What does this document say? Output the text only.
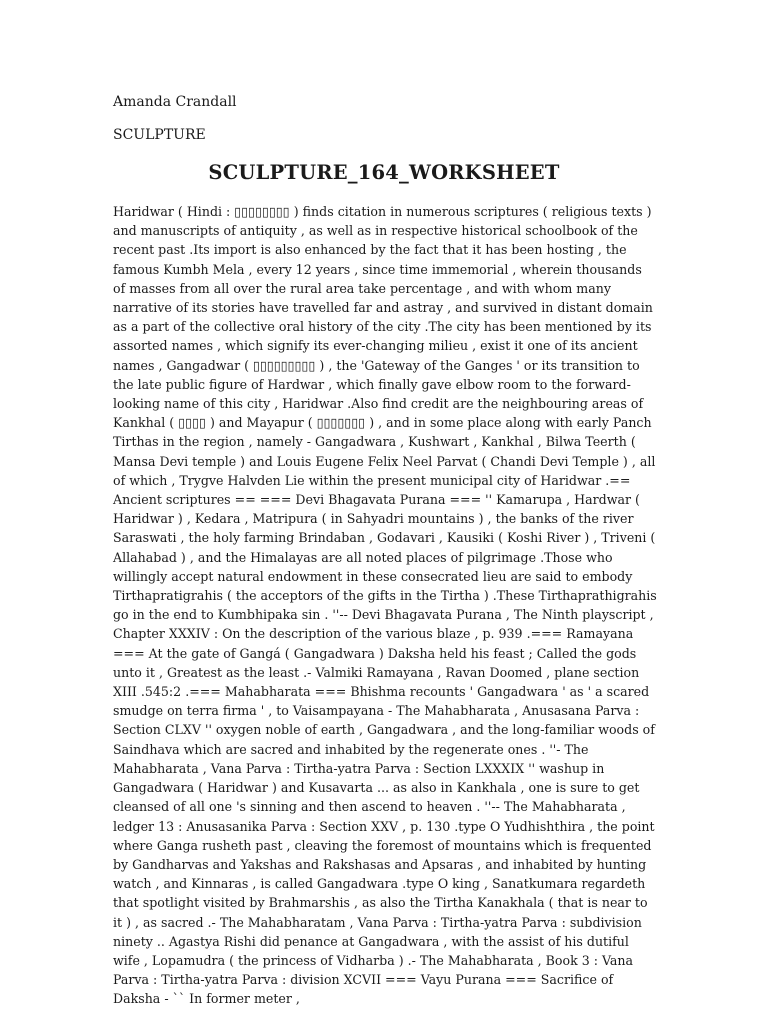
Amanda Crandall
SCULPTURE
SCULPTURE_164_WORKSHEET
Haridwar ( Hindi : ▯▯▯▯▯▯▯▯ ) finds citation in numerous scriptures ( religious texts ) and manuscripts of antiquity , as well as in respective historical schoolbook of the recent past .Its import is also enhanced by the fact that it has been hosting , the famous Kumbh Mela , every 12 years , since time immemorial , wherein thousands of masses from all over the rural area take percentage , and with whom many narrative of its stories have travelled far and astray , and survived in distant domain as a part of the collective oral history of the city .The city has been mentioned by its assorted names , which signify its ever-changing milieu , exist it one of its ancient names , Gangadwar ( ▯▯▯▯▯▯▯▯▯ ) , the 'Gateway of the Ganges ' or its transition to the late public figure of Hardwar , which finally gave elbow room to the forward-looking name of this city , Haridwar .Also find credit are the neighbouring areas of Kankhal ( ▯▯▯▯ ) and Mayapur ( ▯▯▯▯▯▯▯ ) , and in some place along with early Panch Tirthas in the region , namely - Gangadwara , Kushwart , Kankhal , Bilwa Teerth ( Mansa Devi temple ) and Louis Eugene Felix Neel Parvat ( Chandi Devi Temple ) , all of which , Trygve Halvden Lie within the present municipal city of Haridwar .== Ancient scriptures == === Devi Bhagavata Purana === '' Kamarupa , Hardwar ( Haridwar ) , Kedara , Matripura ( in Sahyadri mountains ) , the banks of the river Saraswati , the holy farming Brindaban , Godavari , Kausiki ( Koshi River ) , Triveni ( Allahabad ) , and the Himalayas are all noted places of pilgrimage .Those who willingly accept natural endowment in these consecrated lieu are said to embody Tirthapratigrahis ( the acceptors of the gifts in the Tirtha ) .These Tirthaprathigrahis go in the end to Kumbhipaka sin . ''-- Devi Bhagavata Purana , The Ninth playscript , Chapter XXXIV : On the description of the various blaze , p. 939 .=== Ramayana === At the gate of Gangá ( Gangadwara ) Daksha held his feast ; Called the gods unto it , Greatest as the least .- Valmiki Ramayana , Ravan Doomed , plane section XIII .545:2 .=== Mahabharata === Bhishma recounts ' Gangadwara ' as ' a scared smudge on terra firma ' , to Vaisampayana - The Mahabharata , Anusasana Parva : Section CLXV '' oxygen noble of earth , Gangadwara , and the long-familiar woods of Saindhava which are sacred and inhabited by the regenerate ones . ''- The Mahabharata , Vana Parva : Tirtha-yatra Parva : Section LXXXIX '' washup in Gangadwara ( Haridwar ) and Kusavarta ... as also in Kankhala , one is sure to get cleansed of all one 's sinning and then ascend to heaven . ''-- The Mahabharata , ledger 13 : Anusasanika Parva : Section XXV , p. 130 .type O Yudhishthira , the point where Ganga rusheth past , cleaving the foremost of mountains which is frequented by Gandharvas and Yakshas and Rakshasas and Apsaras , and inhabited by hunting watch , and Kinnaras , is called Gangadwara .type O king , Sanatkumara regardeth that spotlight visited by Brahmarshis , as also the Tirtha Kanakhala ( that is near to it ) , as sacred .- The Mahabharatam , Vana Parva : Tirtha-yatra Parva : subdivision ninety .. Agastya Rishi did penance at Gangadwara , with the assist of his dutiful wife , Lopamudra ( the princess of Vidharba ) .- The Mahabharata , Book 3 : Vana Parva : Tirtha-yatra Parva : division XCVII === Vayu Purana === Sacrifice of Daksha - `` In former meter ,
